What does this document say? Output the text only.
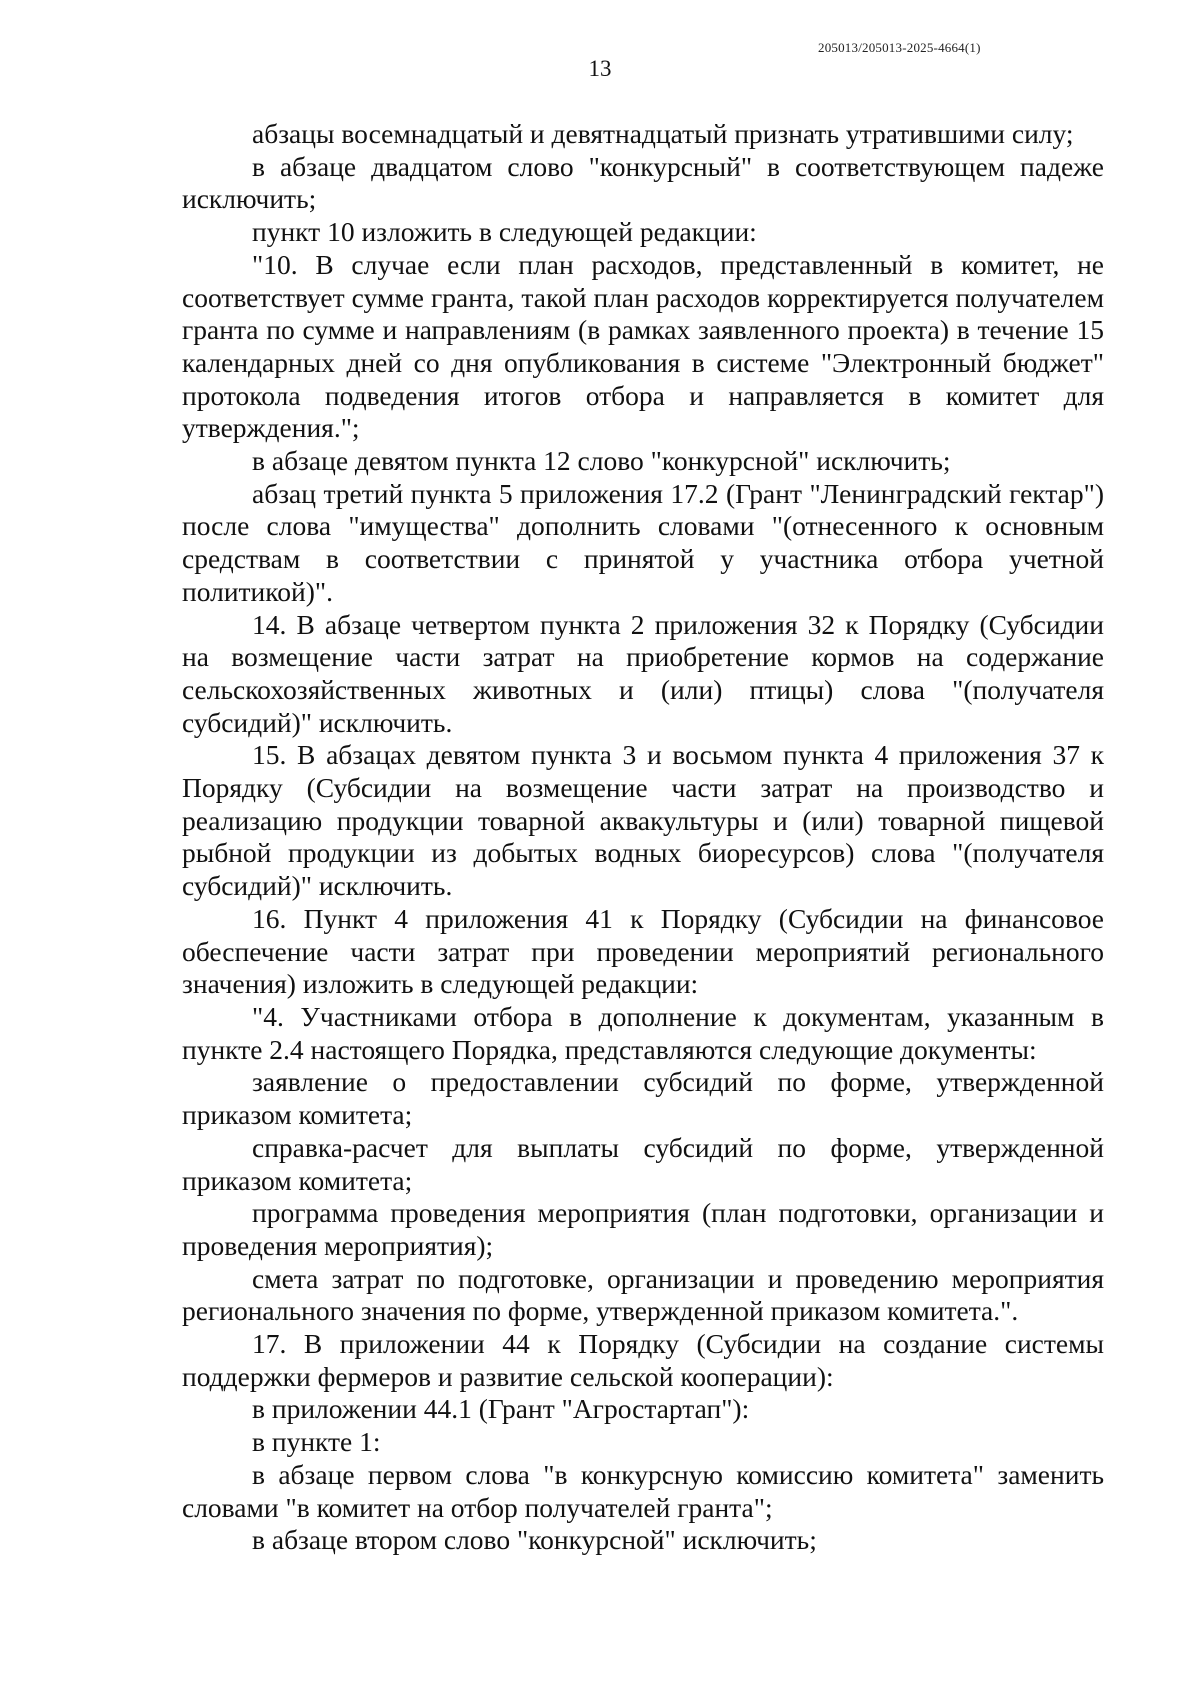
205013/205013-2025-4664(1)
13

абзацы восемнадцатый и девятнадцатый признать утратившими силу;

в абзаце двадцатом слово "конкурсный" в соответствующем падеже исключить;

пункт 10 изложить в следующей редакции:

"10. В случае если план расходов, представленный в комитет, не соответствует сумме гранта, такой план расходов корректируется получателем гранта по сумме и направлениям (в рамках заявленного проекта) в течение 15 календарных дней со дня опубликования в системе "Электронный бюджет" протокола подведения итогов отбора и направляется в комитет для утверждения.";

в абзаце девятом пункта 12 слово "конкурсной" исключить;

абзац третий пункта 5 приложения 17.2 (Грант "Ленинградский гектар") после слова "имущества" дополнить словами "(отнесенного к основным средствам в соответствии с принятой у участника отбора учетной политикой)".

14. В абзаце четвертом пункта 2 приложения 32 к Порядку (Субсидии на возмещение части затрат на приобретение кормов на содержание сельскохозяйственных животных и (или) птицы) слова "(получателя субсидий)" исключить.

15. В абзацах девятом пункта 3 и восьмом пункта 4 приложения 37 к Порядку (Субсидии на возмещение части затрат на производство и реализацию продукции товарной аквакультуры и (или) товарной пищевой рыбной продукции из добытых водных биоресурсов) слова "(получателя субсидий)" исключить.

16. Пункт 4 приложения 41 к Порядку (Субсидии на финансовое обеспечение части затрат при проведении мероприятий регионального значения) изложить в следующей редакции:

"4. Участниками отбора в дополнение к документам, указанным в пункте 2.4 настоящего Порядка, представляются следующие документы:

заявление о предоставлении субсидий по форме, утвержденной приказом комитета;

справка-расчет для выплаты субсидий по форме, утвержденной приказом комитета;

программа проведения мероприятия (план подготовки, организации и проведения мероприятия);

смета затрат по подготовке, организации и проведению мероприятия регионального значения по форме, утвержденной приказом комитета.".

17. В приложении 44 к Порядку (Субсидии на создание системы поддержки фермеров и развитие сельской кооперации):

в приложении 44.1 (Грант "Агростартап"):

в пункте 1:

в абзаце первом слова "в конкурсную комиссию комитета" заменить словами "в комитет на отбор получателей гранта";

в абзаце втором слово "конкурсной" исключить;
